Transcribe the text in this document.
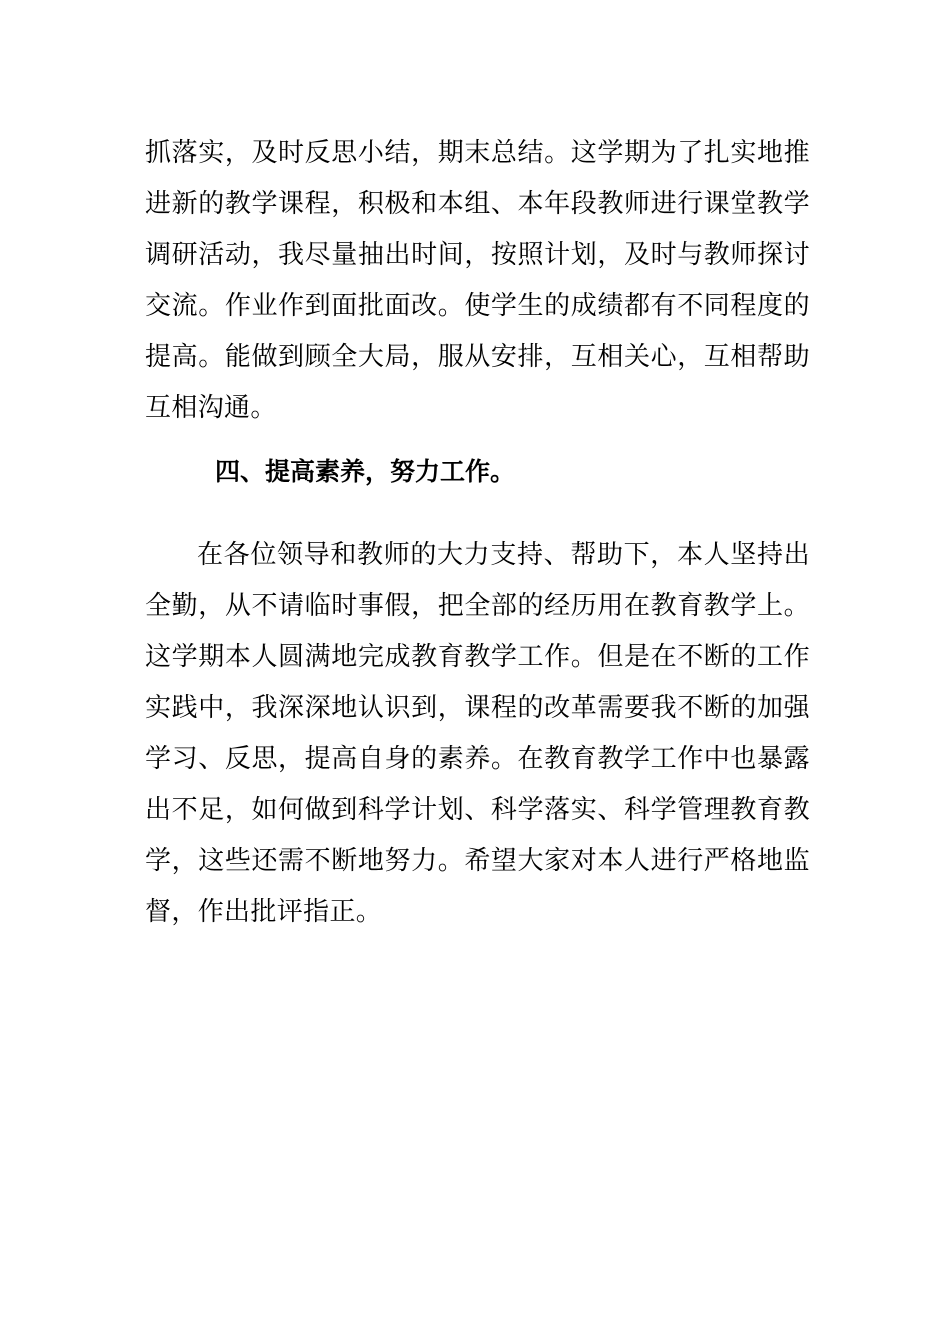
抓落实，及时反思小结，期末总结。这学期为了扎实地推
进新的教学课程，积极和本组、本年段教师进行课堂教学
调研活动，我尽量抽出时间，按照计划，及时与教师探讨
交流。作业作到面批面改。使学生的成绩都有不同程度的
提高。能做到顾全大局，服从安排，互相关心，互相帮助
互相沟通。
四、提高素养，努力工作。
在各位领导和教师的大力支持、帮助下，本人坚持出
全勤，从不请临时事假，把全部的经历用在教育教学上。
这学期本人圆满地完成教育教学工作。但是在不断的工作
实践中，我深深地认识到，课程的改革需要我不断的加强
学习、反思，提高自身的素养。在教育教学工作中也暴露
出不足，如何做到科学计划、科学落实、科学管理教育教
学，这些还需不断地努力。希望大家对本人进行严格地监
督，作出批评指正。
